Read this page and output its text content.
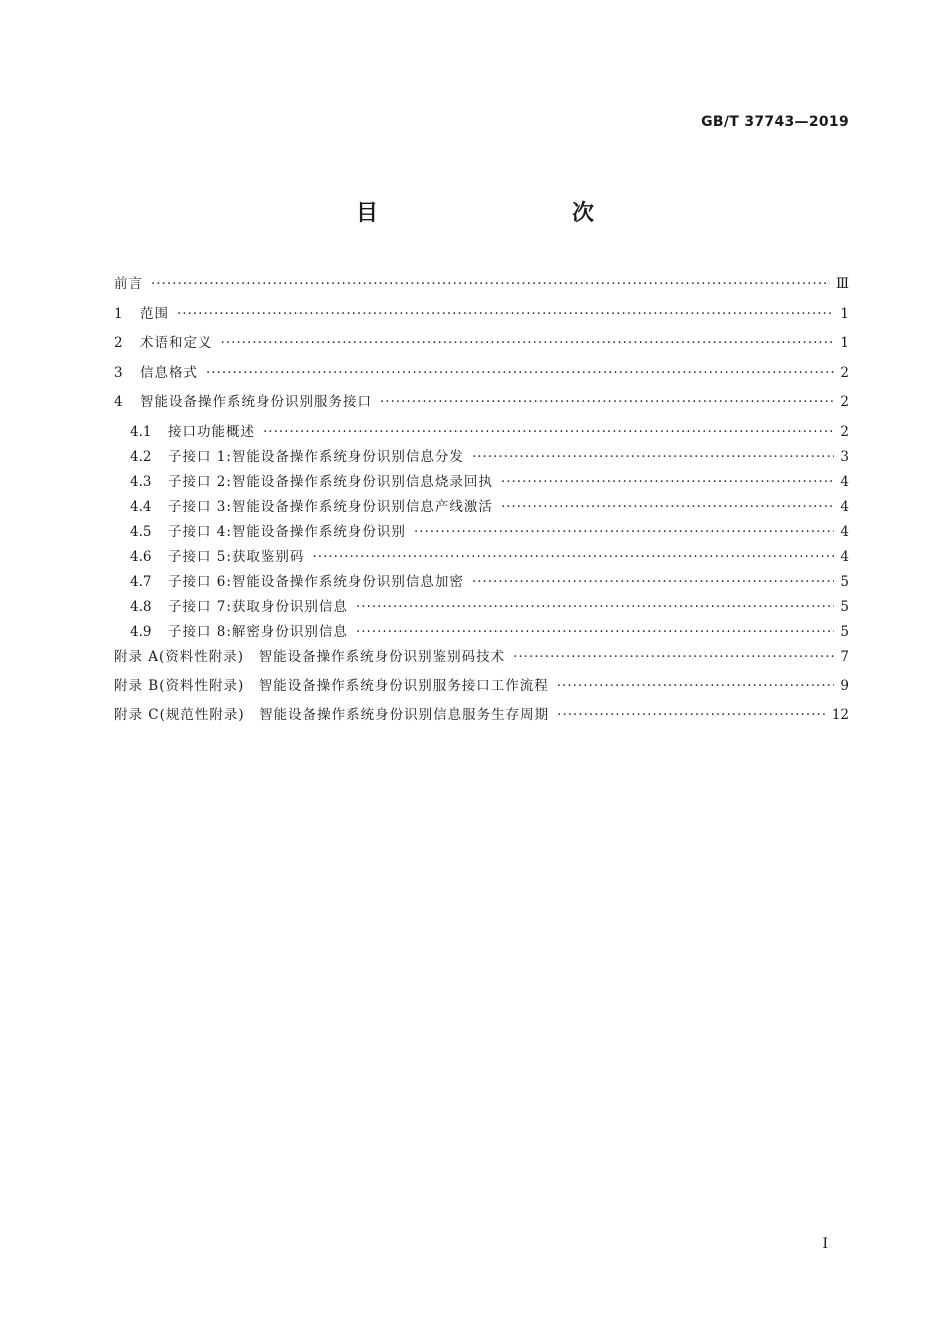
GB/T 37743—2019
目　　次
前言 ·····	Ⅲ
1	范围 ·····	1
2	术语和定义 ·····	1
3	信息格式 ·····	2
4	智能设备操作系统身份识别服务接口 ·····	2
4.1	接口功能概述 ·····	2
4.2	子接口 1:智能设备操作系统身份识别信息分发 ·····	3
4.3	子接口 2:智能设备操作系统身份识别信息烧录回执 ·····	4
4.4	子接口 3:智能设备操作系统身份识别信息产线激活 ·····	4
4.5	子接口 4:智能设备操作系统身份识别 ·····	4
4.6	子接口 5:获取鉴别码 ·····	4
4.7	子接口 6:智能设备操作系统身份识别信息加密 ·····	5
4.8	子接口 7:获取身份识别信息 ·····	5
4.9	子接口 8:解密身份识别信息 ·····	5
附录 A(资料性附录)　智能设备操作系统身份识别鉴别码技术 ·····	7
附录 B(资料性附录)　智能设备操作系统身份识别服务接口工作流程 ·····	9
附录 C(规范性附录)　智能设备操作系统身份识别信息服务生存周期 ·····	12
Ⅰ
